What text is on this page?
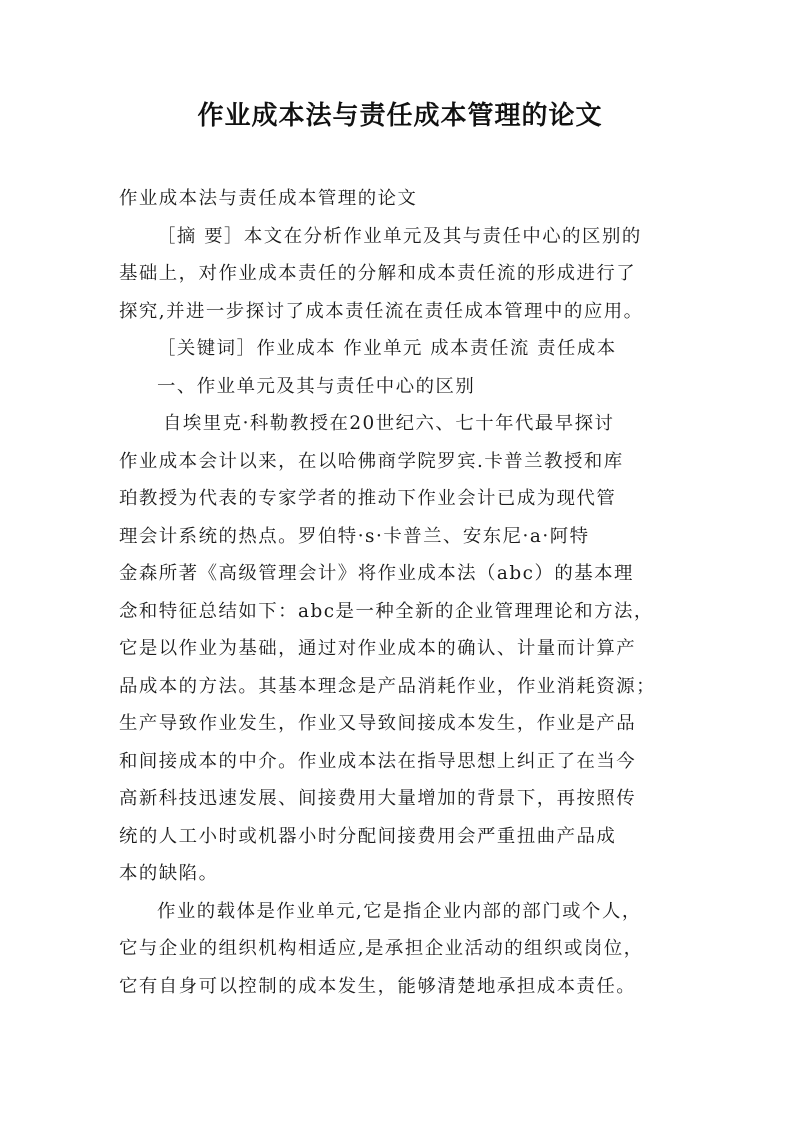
作业成本法与责任成本管理的论文
作业成本法与责任成本管理的论文
［摘 要］本文在分析作业单元及其与责任中心的区别的
基础上，对作业成本责任的分解和成本责任流的形成进行了
探究,并进一步探讨了成本责任流在责任成本管理中的应用。
［关键词］作业成本 作业单元 成本责任流 责任成本
一、作业单元及其与责任中心的区别
自埃里克·科勒教授在20世纪六、七十年代最早探讨
作业成本会计以来，在以哈佛商学院罗宾.卡普兰教授和库
珀教授为代表的专家学者的推动下作业会计已成为现代管
理会计系统的热点。罗伯特·s·卡普兰、安东尼·a·阿特
金森所著《高级管理会计》将作业成本法（abc）的基本理
念和特征总结如下：abc是一种全新的企业管理理论和方法，
它是以作业为基础，通过对作业成本的确认、计量而计算产
品成本的方法。其基本理念是产品消耗作业，作业消耗资源；
生产导致作业发生，作业又导致间接成本发生，作业是产品
和间接成本的中介。作业成本法在指导思想上纠正了在当今
高新科技迅速发展、间接费用大量增加的背景下，再按照传
统的人工小时或机器小时分配间接费用会严重扭曲产品成
本的缺陷。
作业的载体是作业单元,它是指企业内部的部门或个人，
它与企业的组织机构相适应,是承担企业活动的组织或岗位，
它有自身可以控制的成本发生，能够清楚地承担成本责任。
